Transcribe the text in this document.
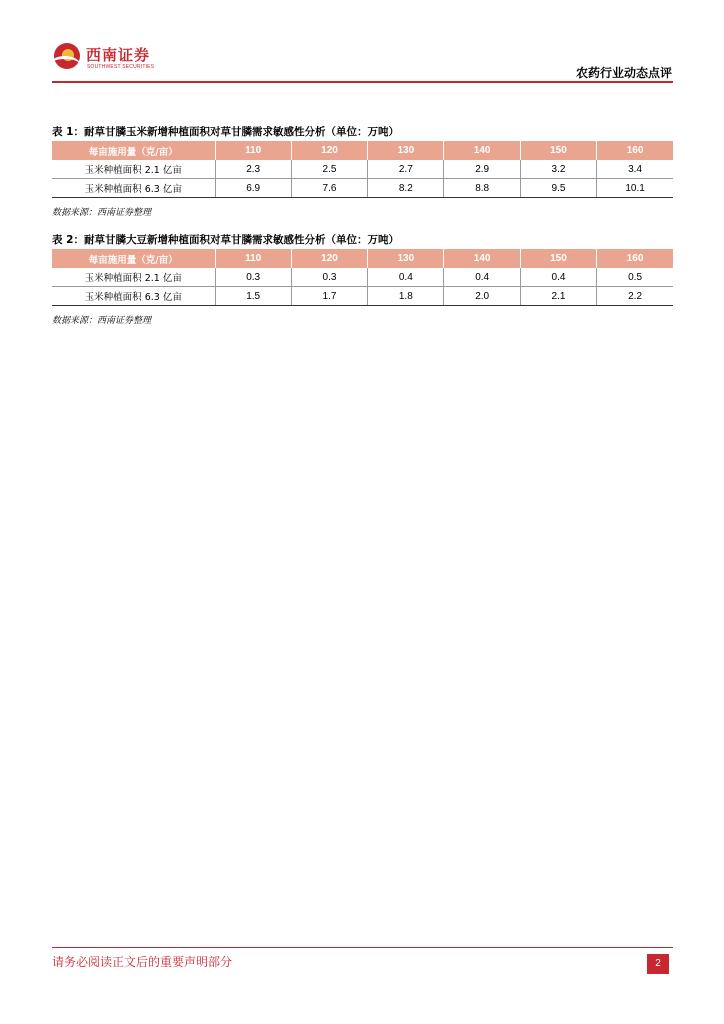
西南证券
SOUTHWEST SECURITIES	农药行业动态点评
表 1：耐草甘膦玉米新增种植面积对草甘膦需求敏感性分析（单位：万吨）
每亩施用量（克/亩）	110	120	130	140	150	160
玉米种植面积 2.1 亿亩	2.3	2.5	2.7	2.9	3.2	3.4
玉米种植面积 6.3 亿亩	6.9	7.6	8.2	8.8	9.5	10.1
数据来源：西南证券整理
表 2：耐草甘膦大豆新增种植面积对草甘膦需求敏感性分析（单位：万吨）
每亩施用量（克/亩）	110	120	130	140	150	160
玉米种植面积 2.1 亿亩	0.3	0.3	0.4	0.4	0.4	0.5
玉米种植面积 6.3 亿亩	1.5	1.7	1.8	2.0	2.1	2.2
数据来源：西南证券整理
请务必阅读正文后的重要声明部分	2
